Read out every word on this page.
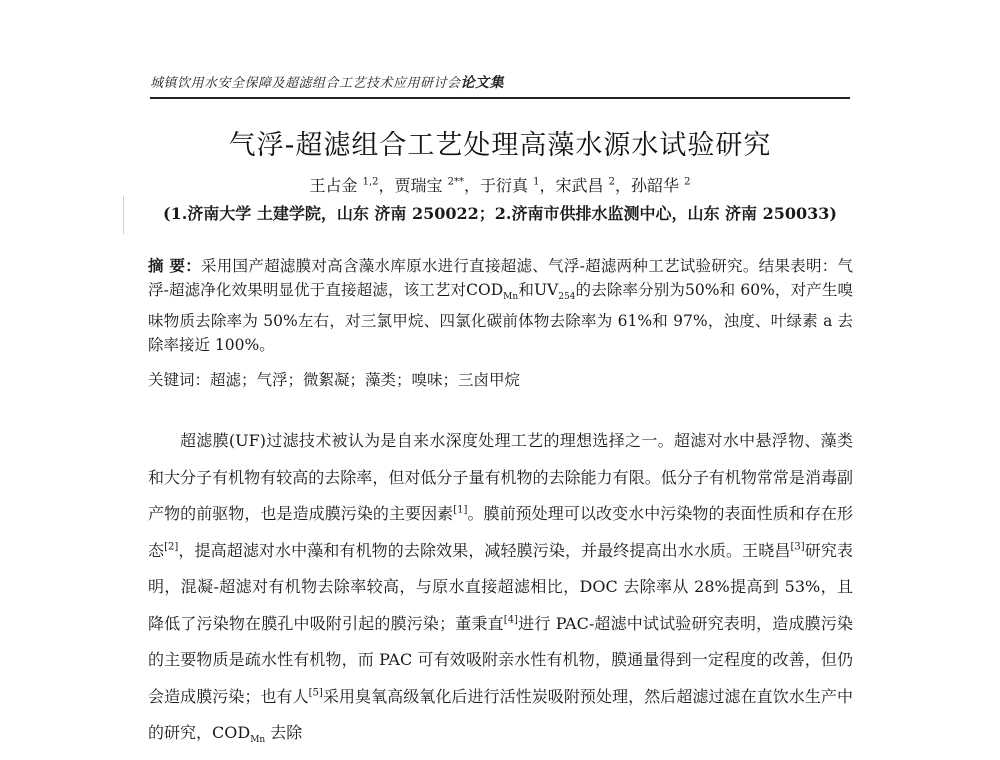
城镇饮用水安全保障及超滤组合工艺技术应用研讨会论文集
气浮-超滤组合工艺处理高藻水源水试验研究
王占金 $^{1,2}$，贾瑞宝 $^{2**}$，于衍真 $^1$，宋武昌 $^2$，孙韶华 $^2$
(1.济南大学 土建学院，山东 济南 250022；2.济南市供排水监测中心，山东 济南 250033)
摘 要：采用国产超滤膜对高含藻水库原水进行直接超滤、气浮-超滤两种工艺试验研究。结果表明：气浮-超滤净化效果明显优于直接超滤，该工艺对$COD_{Mn}$和$UV_{254}$的去除率分别为50%和 60%，对产生嗅味物质去除率为 50%左右，对三氯甲烷、四氯化碳前体物去除率为 61%和 97%，浊度、叶绿素 a 去除率接近 100%。
关键词：超滤；气浮；微絮凝；藻类；嗅味；三卤甲烷

超滤膜(UF)过滤技术被认为是自来水深度处理工艺的理想选择之一。超滤对水中悬浮物、藻类和大分子有机物有较高的去除率，但对低分子量有机物的去除能力有限。低分子有机物常常是消毒副产物的前驱物，也是造成膜污染的主要因素[1]。膜前预处理可以改变水中污染物的表面性质和存在形态[2]，提高超滤对水中藻和有机物的去除效果，减轻膜污染，并最终提高出水水质。王晓昌[3]研究表明，混凝-超滤对有机物去除率较高，与原水直接超滤相比，DOC 去除率从 28%提高到 53%，且降低了污染物在膜孔中吸附引起的膜污染；董秉直[4]进行 PAC-超滤中试试验研究表明，造成膜污染的主要物质是疏水性有机物，而 PAC 可有效吸附亲水性有机物，膜通量得到一定程度的改善，但仍会造成膜污染；也有人[5]采用臭氧高级氧化后进行活性炭吸附预处理，然后超滤过滤在直饮水生产中的研究，$COD_{Mn}$ 去除
